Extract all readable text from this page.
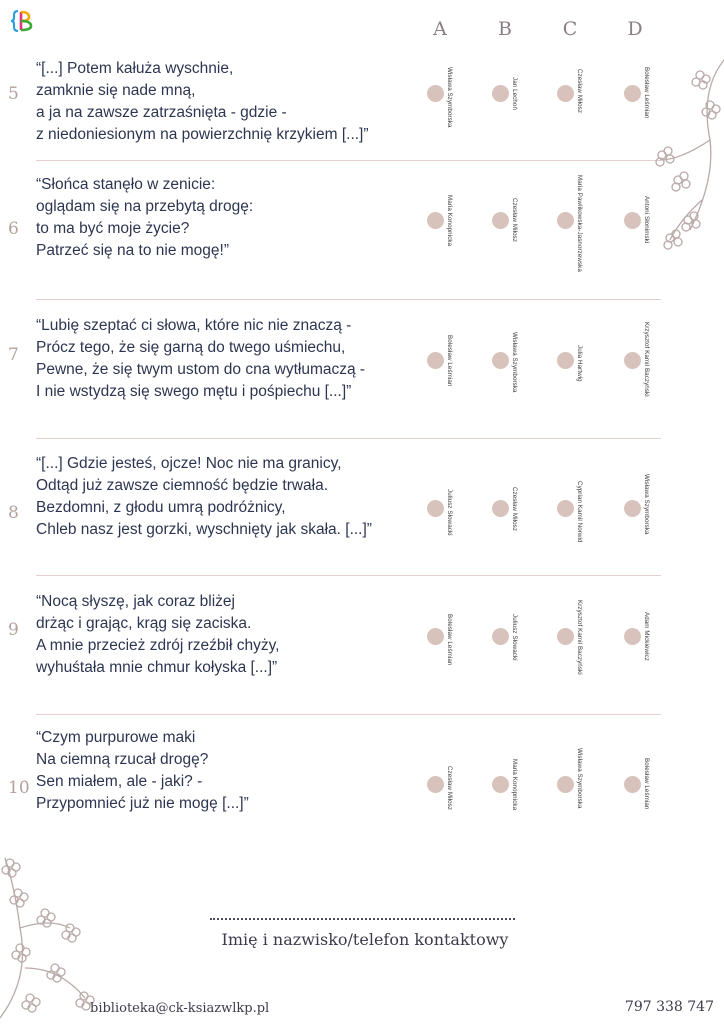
A	B	C	D
5
“[...] Potem kałuża wyschnie,
zamknie się nade mną,
a ja na zawsze zatrzaśnięta - gdzie -
z niedoniesionym na powierzchnię krzykiem [...]”
Wisława Szymborska	Jan Lechoń	Czesław Miłosz	Bolesław Leśmian
6
“Słońca stanęło w zenicie:
oglądam się na przebytą drogę:
to ma być moje życie?
Patrzeć się na to nie mogę!”
Maria Konopnicka	Czesław Miłosz	Maria Pawlikowska-Jasnorzewska	Antoni Słonimski
7
“Lubię szeptać ci słowa, które nic nie znaczą -
Prócz tego, że się garną do twego uśmiechu,
Pewne, że się twym ustom do cna wytłumaczą -
I nie wstydzą się swego mętu i pośpiechu [...]”
Bolesław Leśmian	Wisława Szymborska	Julia Hartwig	Krzysztof Kamil Baczyński
8
“[...] Gdzie jesteś, ojcze! Noc nie ma granicy,
Odtąd już zawsze ciemność będzie trwała.
Bezdomni, z głodu umrą podróżnicy,
Chleb nasz jest gorzki, wyschnięty jak skała. [...]”	Juliusz Słowacki	Czesław Miłosz	Cyprian Kamil Norwid	Wisława Szymborska
9
“Nocą słyszę, jak coraz bliżej
drżąc i grając, krąg się zaciska.
A mnie przecież zdrój rzeźbił chyży,
wyhuśtała mnie chmur kołyska [...]”
Bolesław Leśmian	Juliusz Słowacki	Krzysztof Kamil Baczyński	Adam Mickiewicz
10
“Czym purpurowe maki
Na ciemną rzucał drogę?
Sen miałem, ale - jaki? -
Przypomnieć już nie mogę [...]”	Czesław Miłosz	Maria Konopnicka	Wisława Szymborska	Bolesław Leśmian
Imię i nazwisko/telefon kontaktowy
biblioteka@ck-ksiazwlkp.pl	797 338 747
